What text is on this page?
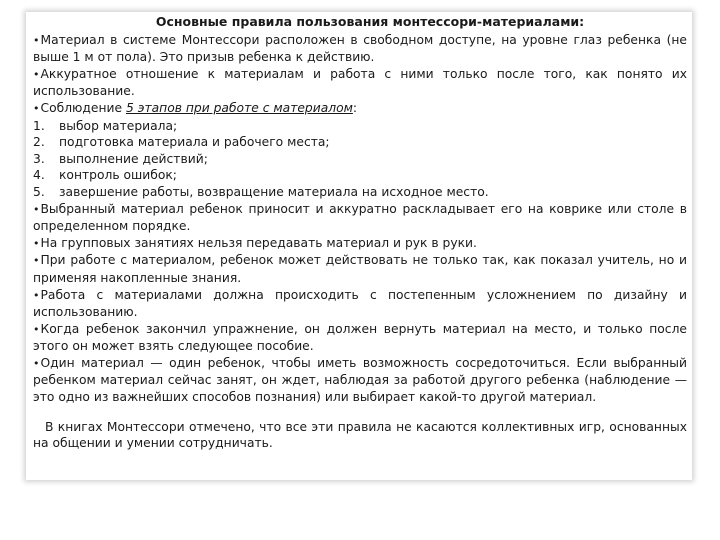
Основные правила пользования монтессори-материалами:

•Материал в системе Монтессори расположен в свободном доступе, на уровне глаз ребенка (не выше 1 м от пола). Это призыв ребенка к действию.

•Аккуратное отношение к материалам и работа с ними только после того, как понято их использование.

•Соблюдение 5 этапов при работе с материалом:

1.	выбор материала;
2.	подготовка материала и рабочего места;
3.	выполнение действий;
4.	контроль ошибок;
5.	завершение работы, возвращение материала на исходное место.

•Выбранный материал ребенок приносит и аккуратно раскладывает его на коврике или столе в определенном порядке.

•На групповых занятиях нельзя передавать материал и рук в руки.

•При работе с материалом, ребенок может действовать не только так, как показал учитель, но и применяя накопленные знания.

•Работа с материалами должна происходить с постепенным усложнением по дизайну и использованию.

•Когда ребенок закончил упражнение, он должен вернуть материал на место, и только после этого он может взять следующее пособие.

•Один материал — один ребенок, чтобы иметь возможность сосредоточиться. Если выбранный ребенком материал сейчас занят, он ждет, наблюдая за работой другого ребенка (наблюдение — это одно из важнейших способов познания) или выбирает какой-то другой материал.

В книгах Монтессори отмечено, что все эти правила не касаются коллективных игр, основанных на общении и умении сотрудничать.
